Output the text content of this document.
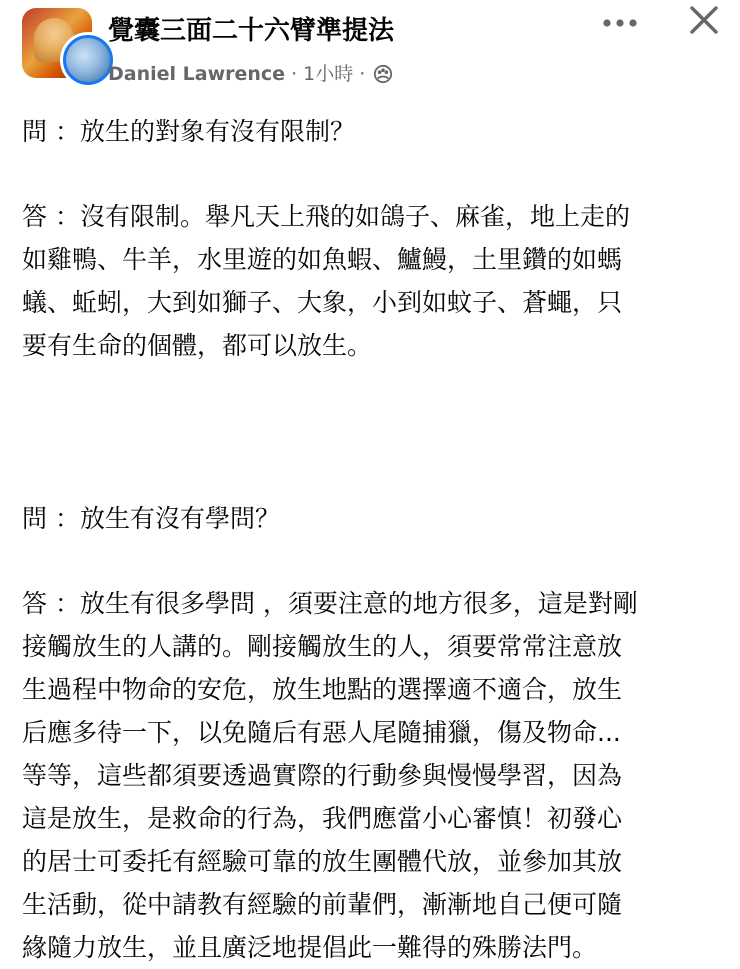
覺囊三面二十六臂準提法
Daniel Lawrence · 1小時 ·

問 ：放生的對象有沒有限制？

答 ：沒有限制。舉凡天上飛的如鴿子、麻雀，地上走的

如雞鴨、牛羊，水里遊的如魚蝦、鱸鰻，土里鑽的如螞

蟻、蚯蚓，大到如獅子、大象，小到如蚊子、蒼蠅，只

要有生命的個體，都可以放生。

問 ：放生有沒有學問？

答 ：放生有很多學問 ，須要注意的地方很多，這是對剛

接觸放生的人講的。剛接觸放生的人，須要常常注意放

生過程中物命的安危，放生地點的選擇適不適合，放生

后應多待一下，以免隨后有惡人尾隨捕獵，傷及物命...

等等，這些都須要透過實際的行動參與慢慢學習，因為

這是放生，是救命的行為，我們應當小心審慎！初發心

的居士可委托有經驗可靠的放生團體代放，並參加其放

生活動，從中請教有經驗的前輩們，漸漸地自己便可隨

緣隨力放生，並且廣泛地提倡此一難得的殊勝法門。
